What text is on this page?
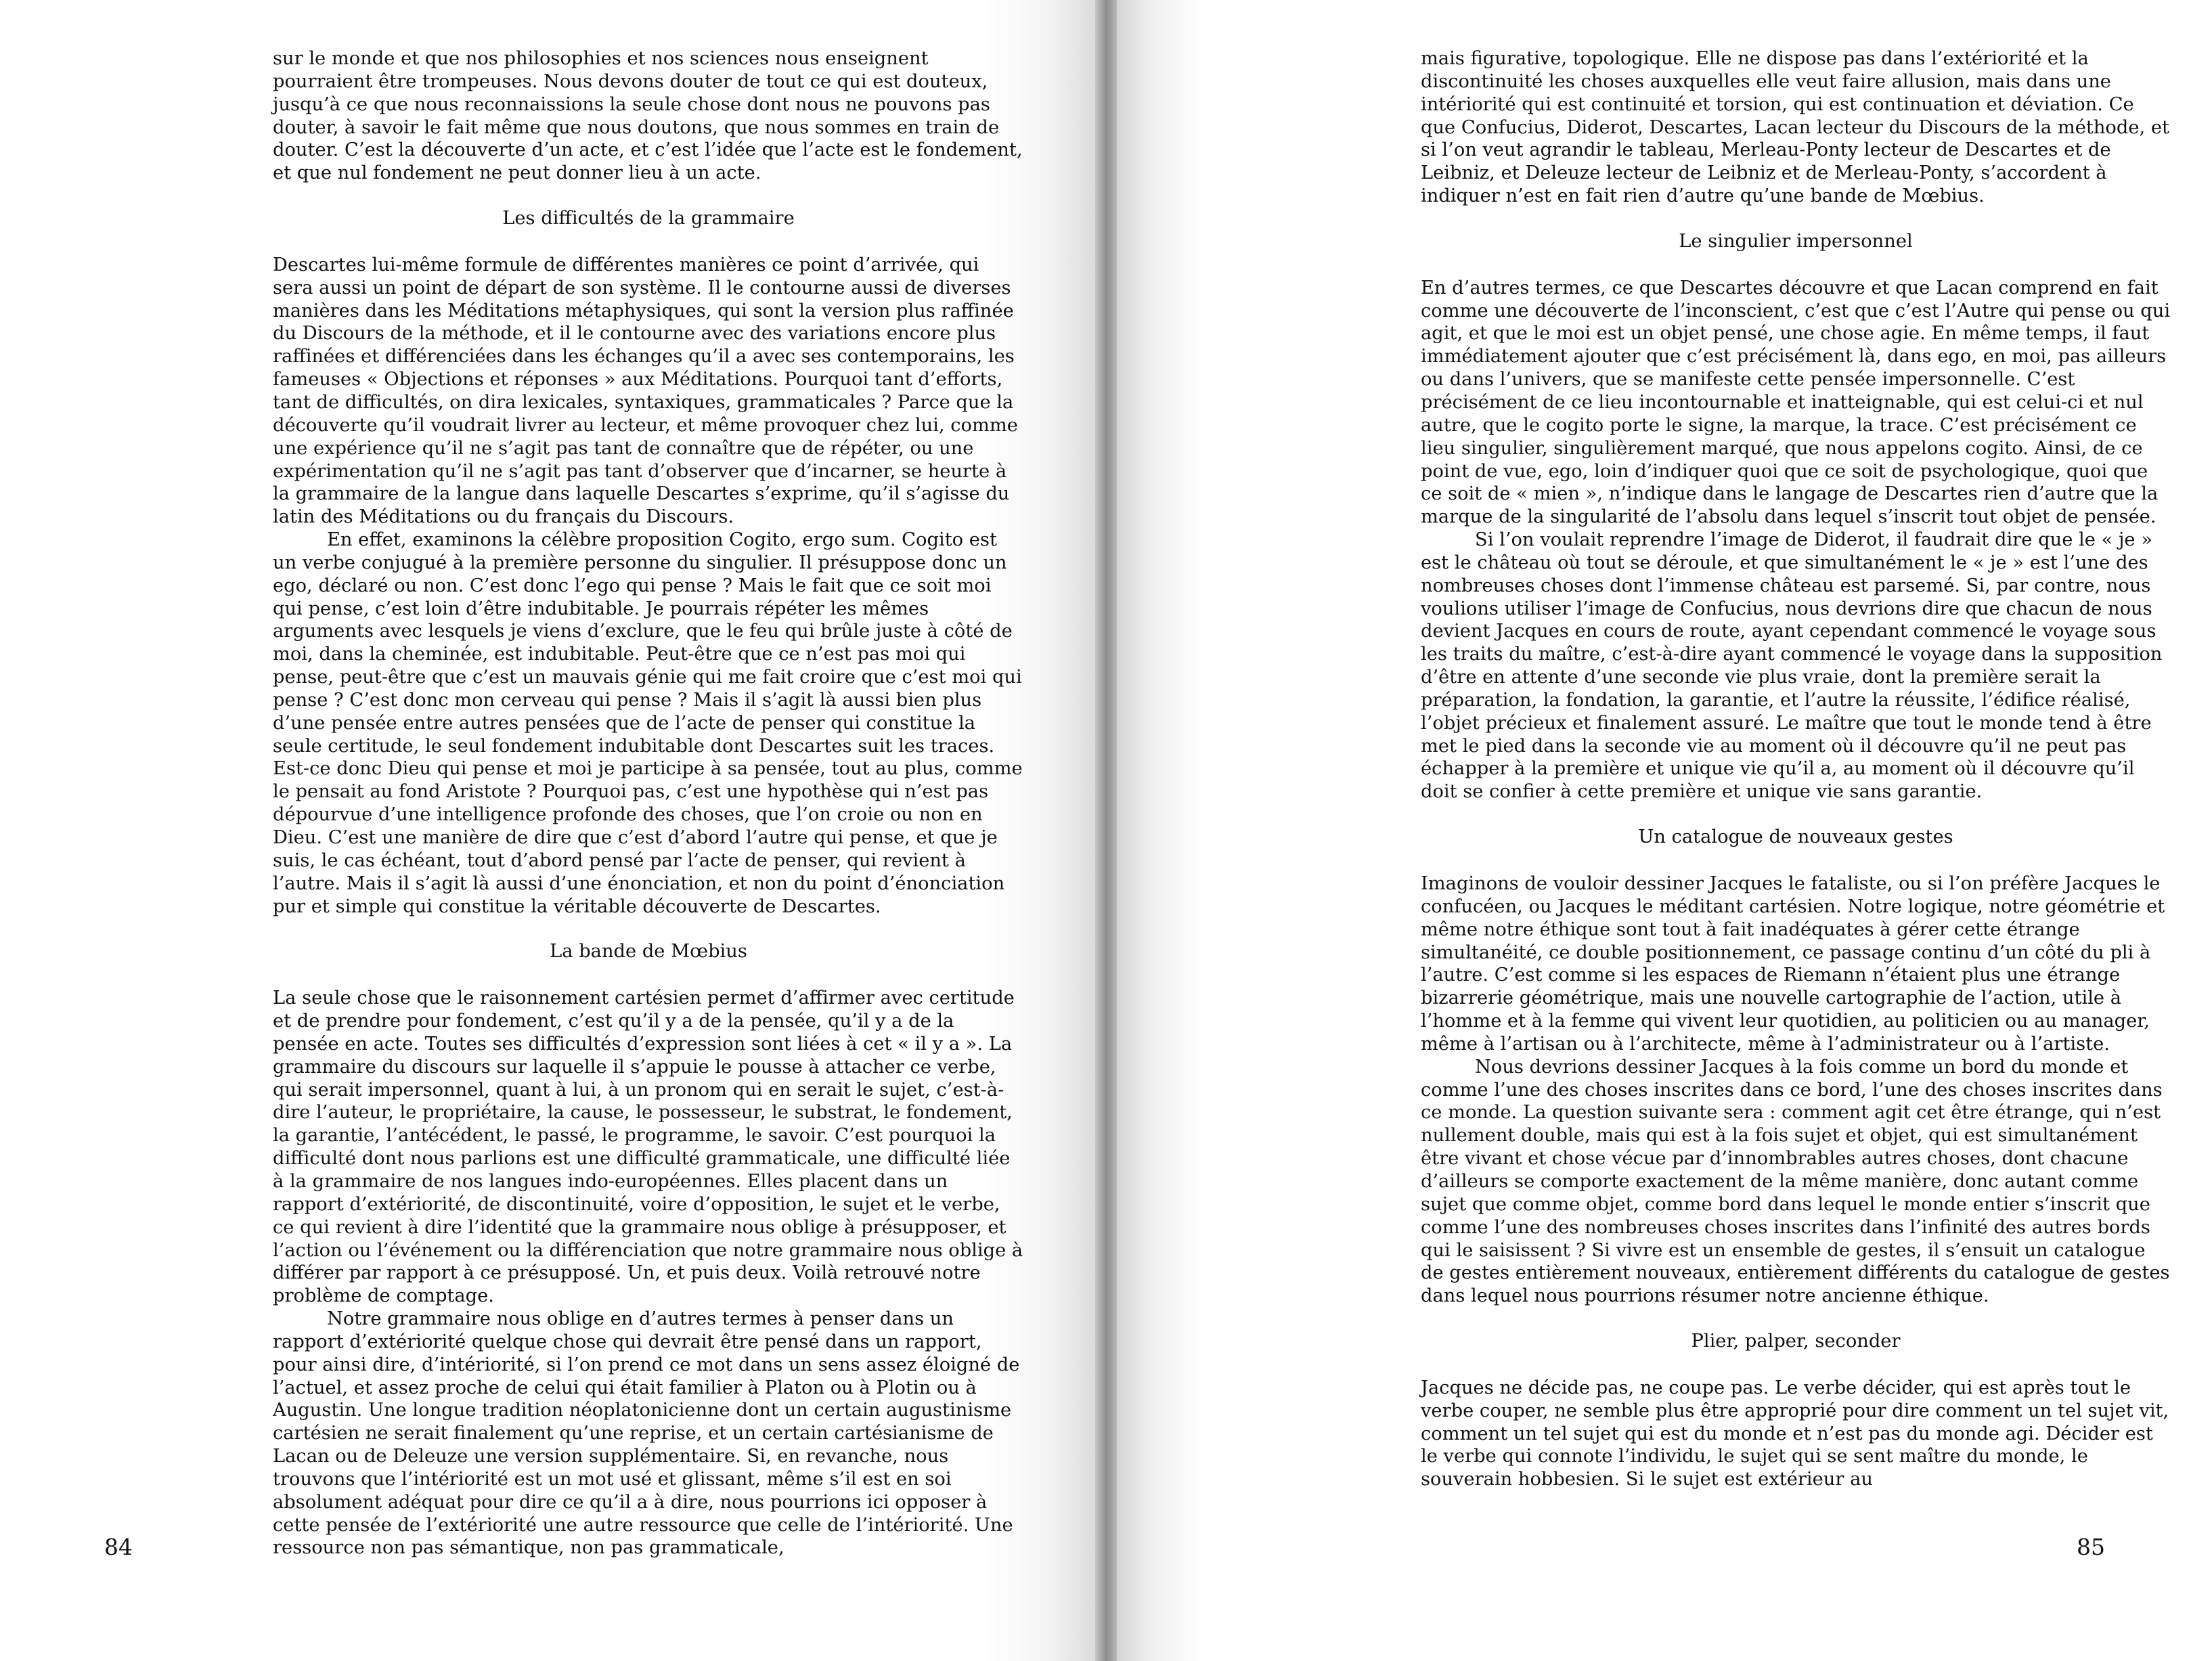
sur le monde et que nos philosophies et nos sciences nous enseignent pourraient être trompeuses. Nous devons douter de tout ce qui est douteux, jusqu’à ce que nous reconnaissions la seule chose dont nous ne pouvons pas douter, à savoir le fait même que nous doutons, que nous sommes en train de douter. C’est la découverte d’un acte, et c’est l’idée que l’acte est le fondement, et que nul fondement ne peut donner lieu à un acte.

Les difficultés de la grammaire

Descartes lui-même formule de différentes manières ce point d’arrivée, qui sera aussi un point de départ de son système. Il le contourne aussi de diverses manières dans les Méditations métaphysiques, qui sont la version plus raffinée du Discours de la méthode, et il le contourne avec des variations encore plus raffinées et différenciées dans les échanges qu’il a avec ses contemporains, les fameuses « Objections et réponses » aux Méditations. Pourquoi tant d’efforts, tant de difficultés, on dira lexicales, syntaxiques, grammaticales ? Parce que la découverte qu’il voudrait livrer au lecteur, et même provoquer chez lui, comme une expérience qu’il ne s’agit pas tant de connaître que de répéter, ou une expérimentation qu’il ne s’agit pas tant d’observer que d’incarner, se heurte à la grammaire de la langue dans laquelle Descartes s’exprime, qu’il s’agisse du latin des Méditations ou du français du Discours.

En effet, examinons la célèbre proposition Cogito, ergo sum. Cogito est un verbe conjugué à la première personne du singulier. Il présuppose donc un ego, déclaré ou non. C’est donc l’ego qui pense ? Mais le fait que ce soit moi qui pense, c’est loin d’être indubitable. Je pourrais répéter les mêmes arguments avec lesquels je viens d’exclure, que le feu qui brûle juste à côté de moi, dans la cheminée, est indubitable. Peut-être que ce n’est pas moi qui pense, peut-être que c’est un mauvais génie qui me fait croire que c’est moi qui pense ? C’est donc mon cerveau qui pense ? Mais il s’agit là aussi bien plus d’une pensée entre autres pensées que de l’acte de penser qui constitue la seule certitude, le seul fondement indubitable dont Descartes suit les traces. Est-ce donc Dieu qui pense et moi je participe à sa pensée, tout au plus, comme le pensait au fond Aristote ? Pourquoi pas, c’est une hypothèse qui n’est pas dépourvue d’une intelligence profonde des choses, que l’on croie ou non en Dieu. C’est une manière de dire que c’est d’abord l’autre qui pense, et que je suis, le cas échéant, tout d’abord pensé par l’acte de penser, qui revient à l’autre. Mais il s’agit là aussi d’une énonciation, et non du point d’énonciation pur et simple qui constitue la véritable découverte de Descartes.

La bande de Mœbius

La seule chose que le raisonnement cartésien permet d’affirmer avec certitude et de prendre pour fondement, c’est qu’il y a de la pensée, qu’il y a de la pensée en acte. Toutes ses difficultés d’expression sont liées à cet « il y a ». La grammaire du discours sur laquelle il s’appuie le pousse à attacher ce verbe, qui serait impersonnel, quant à lui, à un pronom qui en serait le sujet, c’est-à-dire l’auteur, le propriétaire, la cause, le possesseur, le substrat, le fondement, la garantie, l’antécédent, le passé, le programme, le savoir. C’est pourquoi la difficulté dont nous parlions est une difficulté grammaticale, une difficulté liée à la grammaire de nos langues indo-européennes. Elles placent dans un rapport d’extériorité, de discontinuité, voire d’opposition, le sujet et le verbe, ce qui revient à dire l’identité que la grammaire nous oblige à présupposer, et l’action ou l’événement ou la différenciation que notre grammaire nous oblige à différer par rapport à ce présupposé. Un, et puis deux. Voilà retrouvé notre problème de comptage.

Notre grammaire nous oblige en d’autres termes à penser dans un rapport d’extériorité quelque chose qui devrait être pensé dans un rapport, pour ainsi dire, d’intériorité, si l’on prend ce mot dans un sens assez éloigné de l’actuel, et assez proche de celui qui était familier à Platon ou à Plotin ou à Augustin. Une longue tradition néoplatonicienne dont un certain augustinisme cartésien ne serait finalement qu’une reprise, et un certain cartésianisme de Lacan ou de Deleuze une version supplémentaire. Si, en revanche, nous trouvons que l’intériorité est un mot usé et glissant, même s’il est en soi absolument adéquat pour dire ce qu’il a à dire, nous pourrions ici opposer à cette pensée de l’extériorité une autre ressource que celle de l’intériorité. Une ressource non pas sémantique, non pas grammaticale,

84

mais figurative, topologique. Elle ne dispose pas dans l’extériorité et la discontinuité les choses auxquelles elle veut faire allusion, mais dans une intériorité qui est continuité et torsion, qui est continuation et déviation. Ce que Confucius, Diderot, Descartes, Lacan lecteur du Discours de la méthode, et si l’on veut agrandir le tableau, Merleau-Ponty lecteur de Descartes et de Leibniz, et Deleuze lecteur de Leibniz et de Merleau-Ponty, s’accordent à indiquer n’est en fait rien d’autre qu’une bande de Mœbius.

Le singulier impersonnel

En d’autres termes, ce que Descartes découvre et que Lacan comprend en fait comme une découverte de l’inconscient, c’est que c’est l’Autre qui pense ou qui agit, et que le moi est un objet pensé, une chose agie. En même temps, il faut immédiatement ajouter que c’est précisément là, dans ego, en moi, pas ailleurs ou dans l’univers, que se manifeste cette pensée impersonnelle. C’est précisément de ce lieu incontournable et inatteignable, qui est celui-ci et nul autre, que le cogito porte le signe, la marque, la trace. C’est précisément ce lieu singulier, singulièrement marqué, que nous appelons cogito. Ainsi, de ce point de vue, ego, loin d’indiquer quoi que ce soit de psychologique, quoi que ce soit de « mien », n’indique dans le langage de Descartes rien d’autre que la marque de la singularité de l’absolu dans lequel s’inscrit tout objet de pensée.

Si l’on voulait reprendre l’image de Diderot, il faudrait dire que le « je » est le château où tout se déroule, et que simultanément le « je » est l’une des nombreuses choses dont l’immense château est parsemé. Si, par contre, nous voulions utiliser l’image de Confucius, nous devrions dire que chacun de nous devient Jacques en cours de route, ayant cependant commencé le voyage sous les traits du maître, c’est-à-dire ayant commencé le voyage dans la supposition d’être en attente d’une seconde vie plus vraie, dont la première serait la préparation, la fondation, la garantie, et l’autre la réussite, l’édifice réalisé, l’objet précieux et finalement assuré. Le maître que tout le monde tend à être met le pied dans la seconde vie au moment où il découvre qu’il ne peut pas échapper à la première et unique vie qu’il a, au moment où il découvre qu’il doit se confier à cette première et unique vie sans garantie.

Un catalogue de nouveaux gestes

Imaginons de vouloir dessiner Jacques le fataliste, ou si l’on préfère Jacques le confucéen, ou Jacques le méditant cartésien. Notre logique, notre géométrie et même notre éthique sont tout à fait inadéquates à gérer cette étrange simultanéité, ce double positionnement, ce passage continu d’un côté du pli à l’autre. C’est comme si les espaces de Riemann n’étaient plus une étrange bizarrerie géométrique, mais une nouvelle cartographie de l’action, utile à l’homme et à la femme qui vivent leur quotidien, au politicien ou au manager, même à l’artisan ou à l’architecte, même à l’administrateur ou à l’artiste.

Nous devrions dessiner Jacques à la fois comme un bord du monde et comme l’une des choses inscrites dans ce bord, l’une des choses inscrites dans ce monde. La question suivante sera : comment agit cet être étrange, qui n’est nullement double, mais qui est à la fois sujet et objet, qui est simultanément être vivant et chose vécue par d’innombrables autres choses, dont chacune d’ailleurs se comporte exactement de la même manière, donc autant comme sujet que comme objet, comme bord dans lequel le monde entier s’inscrit que comme l’une des nombreuses choses inscrites dans l’infinité des autres bords qui le saisissent ? Si vivre est un ensemble de gestes, il s’ensuit un catalogue de gestes entièrement nouveaux, entièrement différents du catalogue de gestes dans lequel nous pourrions résumer notre ancienne éthique.

Plier, palper, seconder

Jacques ne décide pas, ne coupe pas. Le verbe décider, qui est après tout le verbe couper, ne semble plus être approprié pour dire comment un tel sujet vit, comment un tel sujet qui est du monde et n’est pas du monde agi. Décider est le verbe qui connote l’individu, le sujet qui se sent maître du monde, le souverain hobbesien. Si le sujet est extérieur au

85
